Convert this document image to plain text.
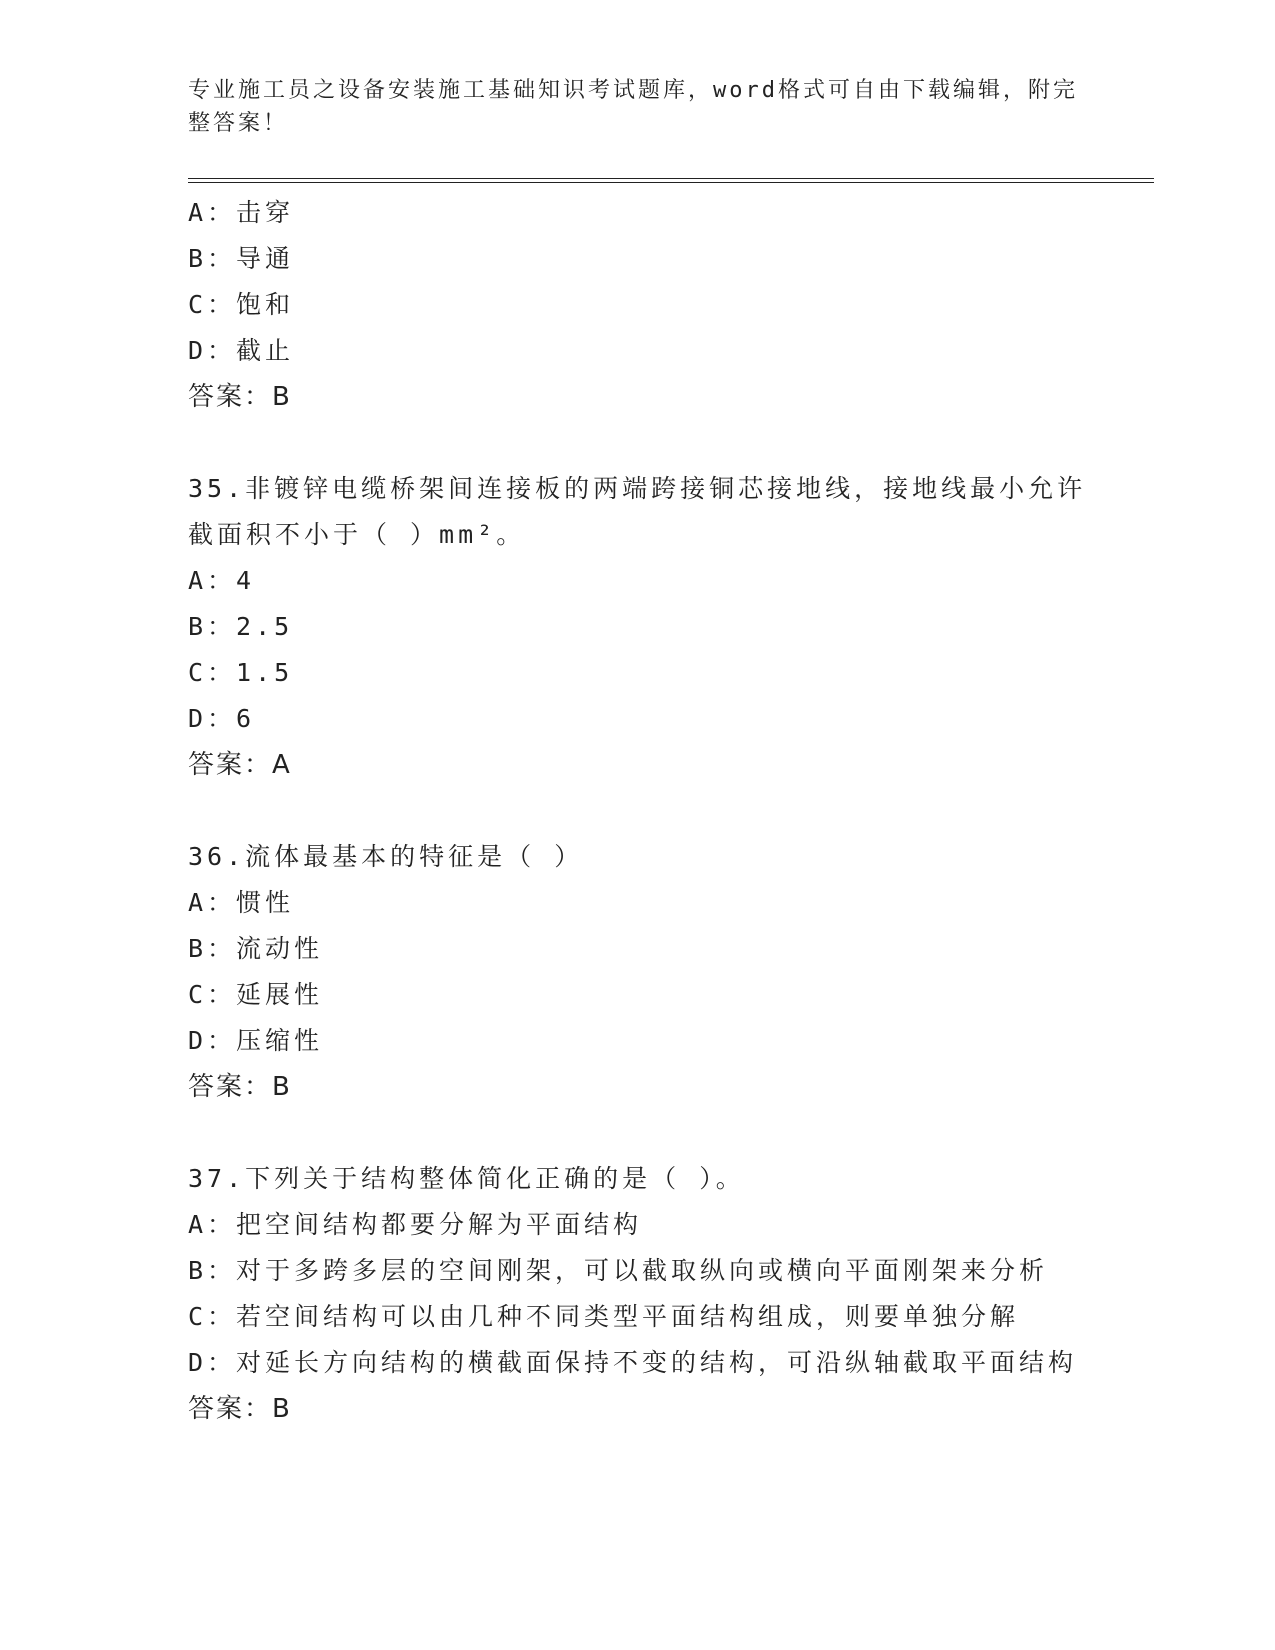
专业施工员之设备安装施工基础知识考试题库，word格式可自由下载编辑，附完
整答案！

A：击穿

B：导通

C：饱和

D：截止

答案：B

35.非镀锌电缆桥架间连接板的两端跨接铜芯接地线，接地线最小允许

截面积不小于（ ）mm²。

A：4

B：2.5

C：1.5

D：6

答案：A

36.流体最基本的特征是（ ）

A：惯性

B：流动性

C：延展性

D：压缩性

答案：B

37.下列关于结构整体简化正确的是（ ）。

A：把空间结构都要分解为平面结构

B：对于多跨多层的空间刚架，可以截取纵向或横向平面刚架来分析

C：若空间结构可以由几种不同类型平面结构组成，则要单独分解

D：对延长方向结构的横截面保持不变的结构，可沿纵轴截取平面结构

答案：B
